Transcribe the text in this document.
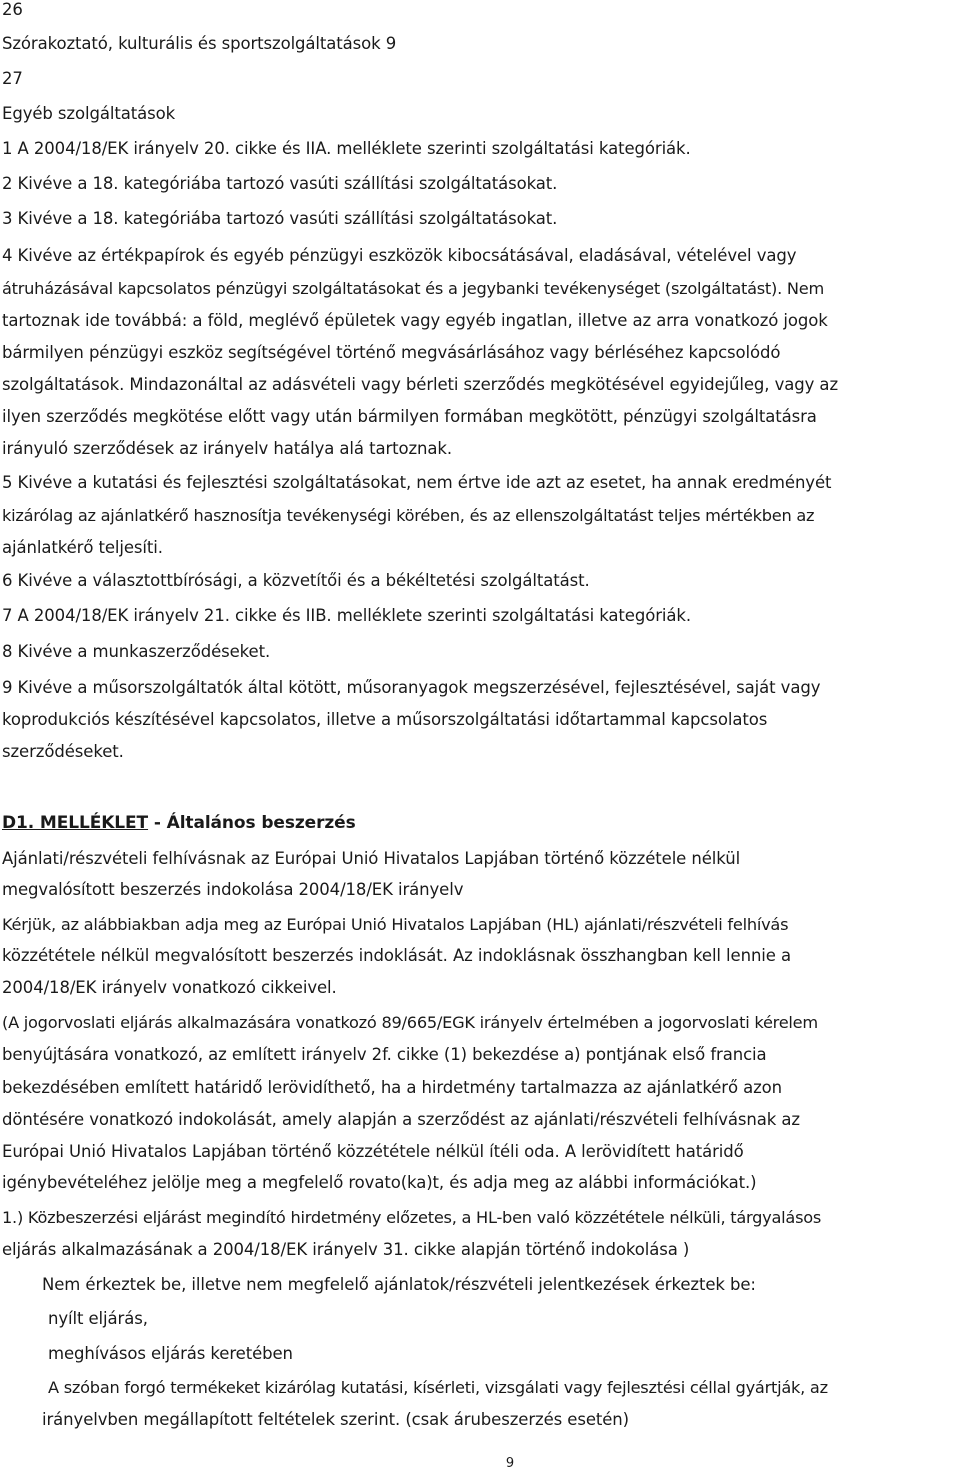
26
Szórakoztató, kulturális és sportszolgáltatások 9
27
Egyéb szolgáltatások
1 A 2004/18/EK irányelv 20. cikke és IIA. melléklete szerinti szolgáltatási kategóriák.
2 Kivéve a 18. kategóriába tartozó vasúti szállítási szolgáltatásokat.
3 Kivéve a 18. kategóriába tartozó vasúti szállítási szolgáltatásokat.
4 Kivéve az értékpapírok és egyéb pénzügyi eszközök kibocsátásával, eladásával, vételével vagy
átruházásával kapcsolatos pénzügyi szolgáltatásokat és a jegybanki tevékenységet (szolgáltatást). Nem
tartoznak ide továbbá: a föld, meglévő épületek vagy egyéb ingatlan, illetve az arra vonatkozó jogok
bármilyen pénzügyi eszköz segítségével történő megvásárlásához vagy bérléséhez kapcsolódó
szolgáltatások. Mindazonáltal az adásvételi vagy bérleti szerződés megkötésével egyidejűleg, vagy az
ilyen szerződés megkötése előtt vagy után bármilyen formában megkötött, pénzügyi szolgáltatásra
irányuló szerződések az irányelv hatálya alá tartoznak.
5 Kivéve a kutatási és fejlesztési szolgáltatásokat, nem értve ide azt az esetet, ha annak eredményét
kizárólag az ajánlatkérő hasznosítja tevékenységi körében, és az ellenszolgáltatást teljes mértékben az
ajánlatkérő teljesíti.
6 Kivéve a választottbírósági, a közvetítői és a békéltetési szolgáltatást.
7 A 2004/18/EK irányelv 21. cikke és IIB. melléklete szerinti szolgáltatási kategóriák.
8 Kivéve a munkaszerződéseket.
9 Kivéve a műsorszolgáltatók által kötött, műsoranyagok megszerzésével, fejlesztésével, saját vagy
koprodukciós készítésével kapcsolatos, illetve a műsorszolgáltatási időtartammal kapcsolatos
szerződéseket.
D1. MELLÉKLET - Általános beszerzés
Ajánlati/részvételi felhívásnak az Európai Unió Hivatalos Lapjában történő közzétele nélkül
megvalósított beszerzés indokolása 2004/18/EK irányelv
Kérjük, az alábbiakban adja meg az Európai Unió Hivatalos Lapjában (HL) ajánlati/részvételi felhívás
közzététele nélkül megvalósított beszerzés indoklását. Az indoklásnak összhangban kell lennie a
2004/18/EK irányelv vonatkozó cikkeivel.
(A jogorvoslati eljárás alkalmazására vonatkozó 89/665/EGK irányelv értelmében a jogorvoslati kérelem
benyújtására vonatkozó, az említett irányelv 2f. cikke (1) bekezdése a) pontjának első francia
bekezdésében említett határidő lerövidíthető, ha a hirdetmény tartalmazza az ajánlatkérő azon
döntésére vonatkozó indokolását, amely alapján a szerződést az ajánlati/részvételi felhívásnak az
Európai Unió Hivatalos Lapjában történő közzététele nélkül ítéli oda. A lerövidített határidő
igénybevételéhez jelölje meg a megfelelő rovato(ka)t, és adja meg az alábbi információkat.)
1.) Közbeszerzési eljárást megindító hirdetmény előzetes, a HL-ben való közzététele nélküli, tárgyalásos
eljárás alkalmazásának a 2004/18/EK irányelv 31. cikke alapján történő indokolása )
Nem érkeztek be, illetve nem megfelelő ajánlatok/részvételi jelentkezések érkeztek be:
nyílt eljárás,
meghívásos eljárás keretében
A szóban forgó termékeket kizárólag kutatási, kísérleti, vizsgálati vagy fejlesztési céllal gyártják, az
irányelvben megállapított feltételek szerint. (csak árubeszerzés esetén)
9
